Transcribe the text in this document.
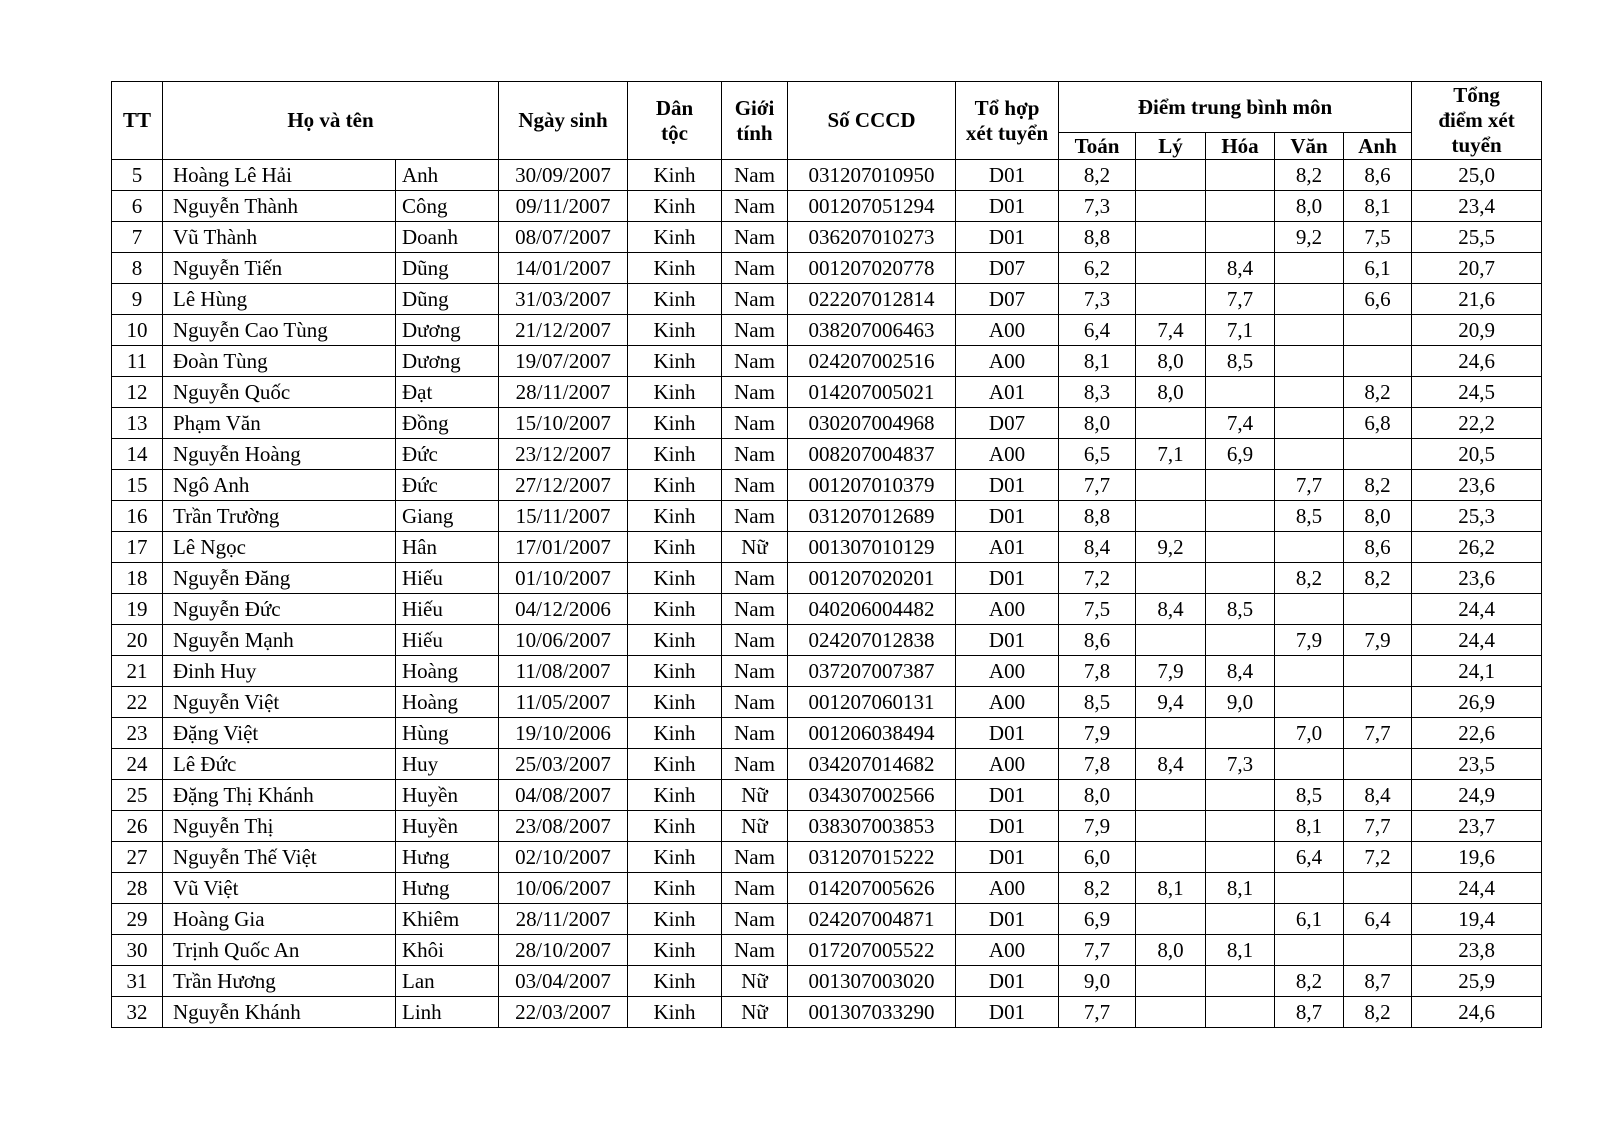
TT	Họ và tên		Ngày sinh	Dân
tộc	Giới
tính	Số CCCD	Tổ hợp
xét tuyển	Điểm trung bình môn					Tổng
điểm xét
tuyển
								Toán	Lý	Hóa	Văn	Anh	
5	Hoàng Lê Hải	Anh	30/09/2007	Kinh	Nam	031207010950	D01	8,2			8,2	8,6	25,0
6	Nguyễn Thành	Công	09/11/2007	Kinh	Nam	001207051294	D01	7,3			8,0	8,1	23,4
7	Vũ Thành	Doanh	08/07/2007	Kinh	Nam	036207010273	D01	8,8			9,2	7,5	25,5
8	Nguyễn Tiến	Dũng	14/01/2007	Kinh	Nam	001207020778	D07	6,2		8,4		6,1	20,7
9	Lê Hùng	Dũng	31/03/2007	Kinh	Nam	022207012814	D07	7,3		7,7		6,6	21,6
10	Nguyễn Cao Tùng	Dương	21/12/2007	Kinh	Nam	038207006463	A00	6,4	7,4	7,1			20,9
11	Đoàn Tùng	Dương	19/07/2007	Kinh	Nam	024207002516	A00	8,1	8,0	8,5			24,6
12	Nguyễn Quốc	Đạt	28/11/2007	Kinh	Nam	014207005021	A01	8,3	8,0			8,2	24,5
13	Phạm Văn	Đồng	15/10/2007	Kinh	Nam	030207004968	D07	8,0		7,4		6,8	22,2
14	Nguyễn Hoàng	Đức	23/12/2007	Kinh	Nam	008207004837	A00	6,5	7,1	6,9			20,5
15	Ngô Anh	Đức	27/12/2007	Kinh	Nam	001207010379	D01	7,7			7,7	8,2	23,6
16	Trần Trường	Giang	15/11/2007	Kinh	Nam	031207012689	D01	8,8			8,5	8,0	25,3
17	Lê Ngọc	Hân	17/01/2007	Kinh	Nữ	001307010129	A01	8,4	9,2			8,6	26,2
18	Nguyễn Đăng	Hiếu	01/10/2007	Kinh	Nam	001207020201	D01	7,2			8,2	8,2	23,6
19	Nguyễn Đức	Hiếu	04/12/2006	Kinh	Nam	040206004482	A00	7,5	8,4	8,5			24,4
20	Nguyễn Mạnh	Hiếu	10/06/2007	Kinh	Nam	024207012838	D01	8,6			7,9	7,9	24,4
21	Đinh Huy	Hoàng	11/08/2007	Kinh	Nam	037207007387	A00	7,8	7,9	8,4			24,1
22	Nguyễn Việt	Hoàng	11/05/2007	Kinh	Nam	001207060131	A00	8,5	9,4	9,0			26,9
23	Đặng Việt	Hùng	19/10/2006	Kinh	Nam	001206038494	D01	7,9			7,0	7,7	22,6
24	Lê Đức	Huy	25/03/2007	Kinh	Nam	034207014682	A00	7,8	8,4	7,3			23,5
25	Đặng Thị Khánh	Huyền	04/08/2007	Kinh	Nữ	034307002566	D01	8,0			8,5	8,4	24,9
26	Nguyễn Thị	Huyền	23/08/2007	Kinh	Nữ	038307003853	D01	7,9			8,1	7,7	23,7
27	Nguyễn Thế Việt	Hưng	02/10/2007	Kinh	Nam	031207015222	D01	6,0			6,4	7,2	19,6
28	Vũ Việt	Hưng	10/06/2007	Kinh	Nam	014207005626	A00	8,2	8,1	8,1			24,4
29	Hoàng Gia	Khiêm	28/11/2007	Kinh	Nam	024207004871	D01	6,9			6,1	6,4	19,4
30	Trịnh Quốc An	Khôi	28/10/2007	Kinh	Nam	017207005522	A00	7,7	8,0	8,1			23,8
31	Trần Hương	Lan	03/04/2007	Kinh	Nữ	001307003020	D01	9,0			8,2	8,7	25,9
32	Nguyễn Khánh	Linh	22/03/2007	Kinh	Nữ	001307033290	D01	7,7			8,7	8,2	24,6
